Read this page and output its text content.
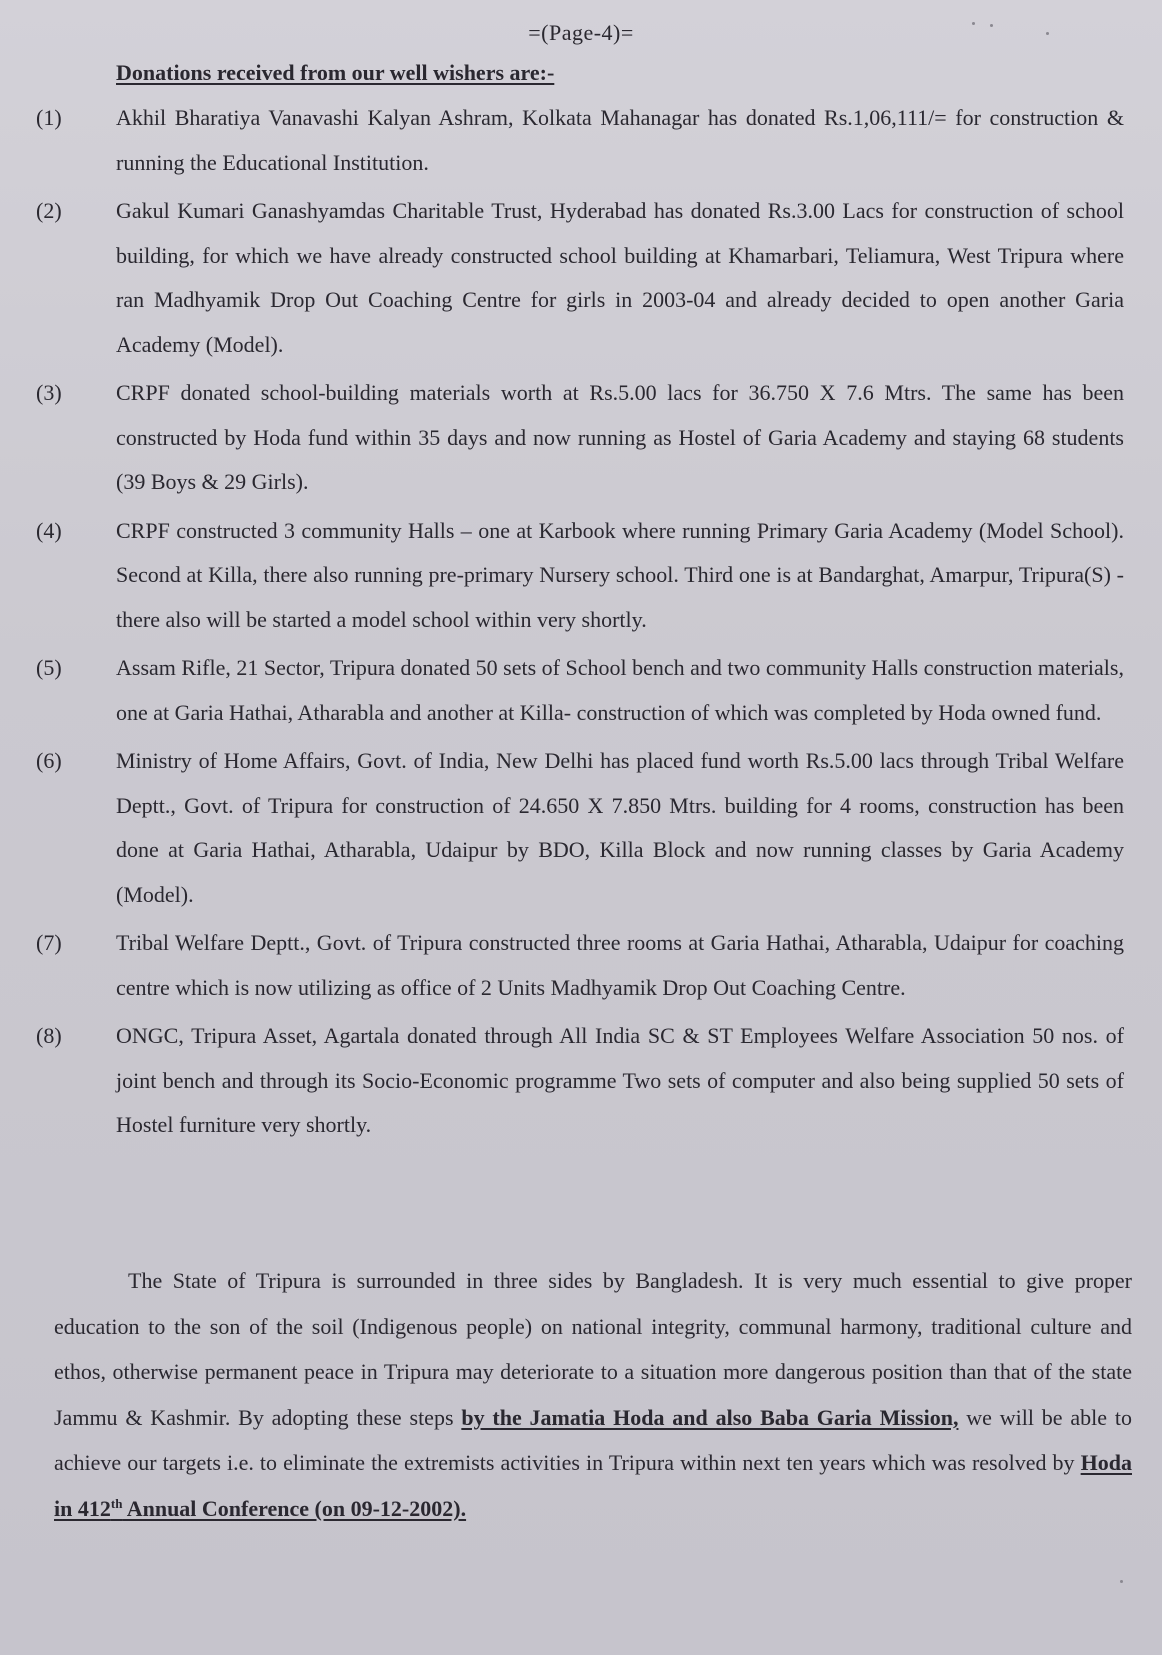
=(Page-4)=
Donations received from our well wishers are:-
(1)	Akhil Bharatiya Vanavashi Kalyan Ashram, Kolkata Mahanagar has donated Rs.1,06,111/= for construction & running the Educational Institution.
(2)	Gakul Kumari Ganashyamdas Charitable Trust, Hyderabad has donated Rs.3.00 Lacs for construction of school building, for which we have already constructed school building at Khamarbari, Teliamura, West Tripura where ran Madhyamik Drop Out Coaching Centre for girls in 2003-04 and already decided to open another Garia Academy (Model).
(3)	CRPF donated school-building materials worth at Rs.5.00 lacs for 36.750 X 7.6 Mtrs. The same has been constructed by Hoda fund within 35 days and now running as Hostel of Garia Academy and staying 68 students (39 Boys & 29 Girls).
(4)	CRPF constructed 3 community Halls – one at Karbook where running Primary Garia Academy (Model School). Second at Killa, there also running pre-primary Nursery school. Third one is at Bandarghat, Amarpur, Tripura(S) - there also will be started a model school within very shortly.
(5)	Assam Rifle, 21 Sector, Tripura donated 50 sets of School bench and two community Halls construction materials, one at Garia Hathai, Atharabla and another at Killa- construction of which was completed by Hoda owned fund.
(6)	Ministry of Home Affairs, Govt. of India, New Delhi has placed fund worth Rs.5.00 lacs through Tribal Welfare Deptt., Govt. of Tripura for construction of 24.650 X 7.850 Mtrs. building for 4 rooms, construction has been done at Garia Hathai, Atharabla, Udaipur by BDO, Killa Block and now running classes by Garia Academy (Model).
(7)	Tribal Welfare Deptt., Govt. of Tripura constructed three rooms at Garia Hathai, Atharabla, Udaipur for coaching centre which is now utilizing as office of 2 Units Madhyamik Drop Out Coaching Centre.
(8)	ONGC, Tripura Asset, Agartala donated through All India SC & ST Employees Welfare Association 50 nos. of joint bench and through its Socio-Economic programme Two sets of computer and also being supplied 50 sets of Hostel furniture very shortly.
The State of Tripura is surrounded in three sides by Bangladesh. It is very much essential to give proper education to the son of the soil (Indigenous people) on national integrity, communal harmony, traditional culture and ethos, otherwise permanent peace in Tripura may deteriorate to a situation more dangerous position than that of the state Jammu & Kashmir. By adopting these steps by the Jamatia Hoda and also Baba Garia Mission, we will be able to achieve our targets i.e. to eliminate the extremists activities in Tripura within next ten years which was resolved by Hoda in 412th Annual Conference (on 09-12-2002).
